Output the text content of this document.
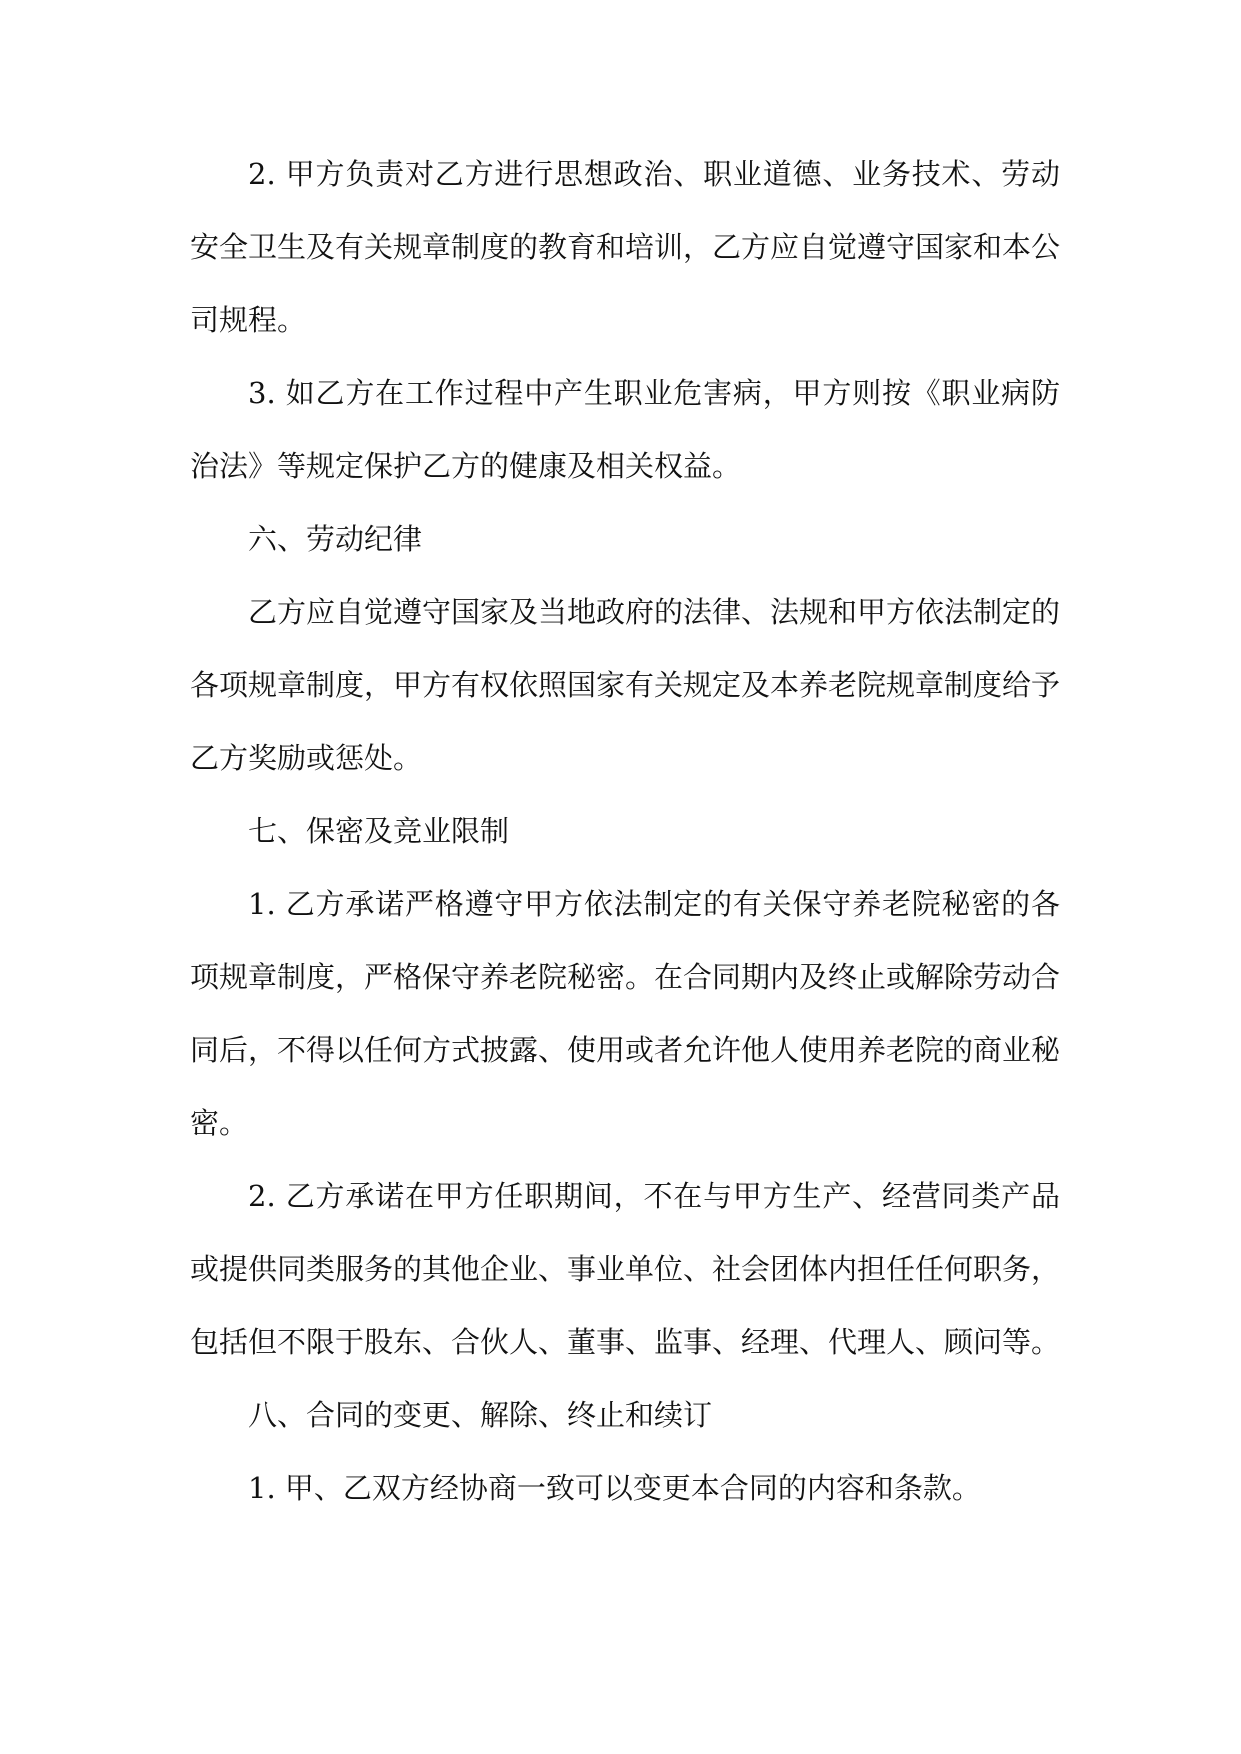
2. 甲方负责对乙方进行思想政治、职业道德、业务技术、劳动安全卫生及有关规章制度的教育和培训，乙方应自觉遵守国家和本公司规程。

3. 如乙方在工作过程中产生职业危害病，甲方则按《职业病防治法》等规定保护乙方的健康及相关权益。

六、劳动纪律

乙方应自觉遵守国家及当地政府的法律、法规和甲方依法制定的各项规章制度，甲方有权依照国家有关规定及本养老院规章制度给予乙方奖励或惩处。

七、保密及竞业限制

1. 乙方承诺严格遵守甲方依法制定的有关保守养老院秘密的各项规章制度，严格保守养老院秘密。在合同期内及终止或解除劳动合同后，不得以任何方式披露、使用或者允许他人使用养老院的商业秘密。

2. 乙方承诺在甲方任职期间，不在与甲方生产、经营同类产品或提供同类服务的其他企业、事业单位、社会团体内担任任何职务，包括但不限于股东、合伙人、董事、监事、经理、代理人、顾问等。

八、合同的变更、解除、终止和续订

1. 甲、乙双方经协商一致可以变更本合同的内容和条款。
